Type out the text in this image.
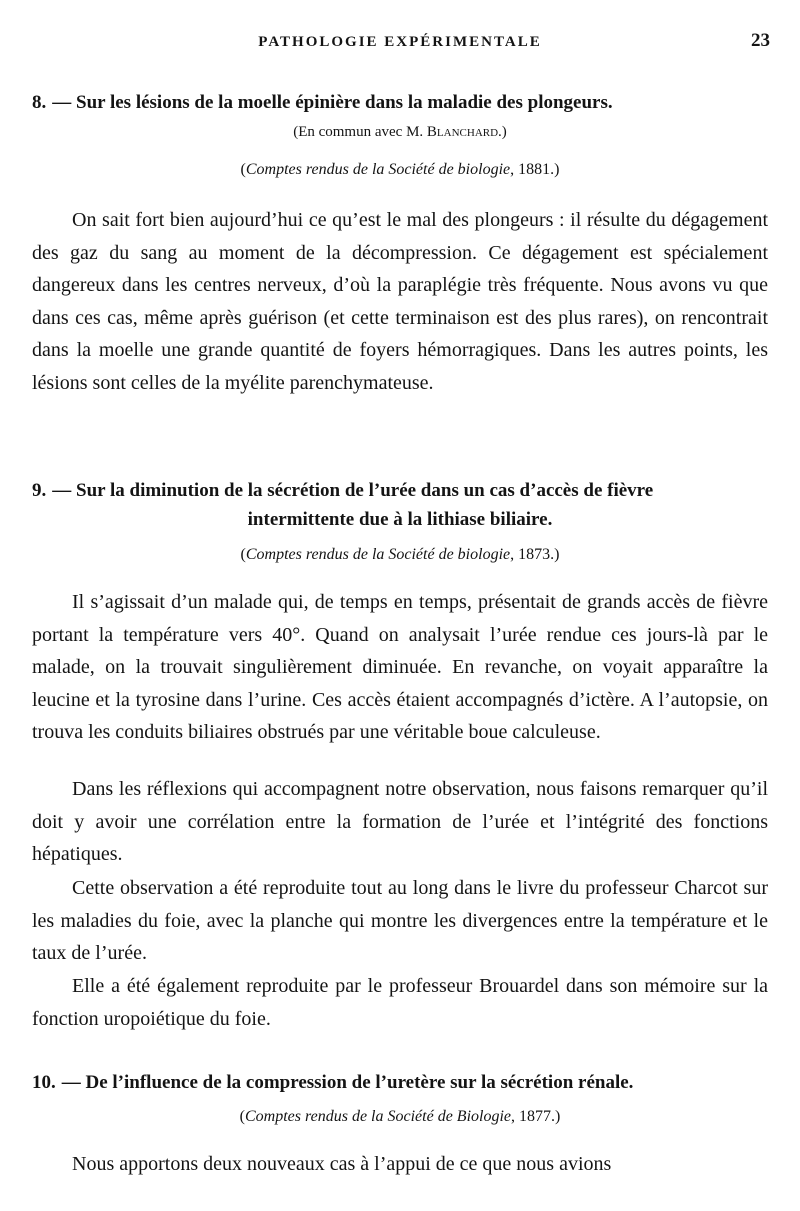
PATHOLOGIE EXPÉRIMENTALE	23
8. — Sur les lésions de la moelle épinière dans la maladie des plongeurs.
(En commun avec M. Blanchard.)
(Comptes rendus de la Société de biologie, 1881.)

On sait fort bien aujourd’hui ce qu’est le mal des plongeurs : il résulte du dégagement des gaz du sang au moment de la décompression. Ce dégagement est spécialement dangereux dans les centres nerveux, d’où la paraplégie très fréquente. Nous avons vu que dans ces cas, même après guérison (et cette terminaison est des plus rares), on rencontrait dans la moelle une grande quantité de foyers hémorragiques. Dans les autres points, les lésions sont celles de la myélite parenchymateuse.

9. — Sur la diminution de la sécrétion de l’urée dans un cas d’accès de fièvre
intermittente due à la lithiase biliaire.
(Comptes rendus de la Société de biologie, 1873.)

Il s’agissait d’un malade qui, de temps en temps, présentait de grands accès de fièvre portant la température vers 40°. Quand on analysait l’urée rendue ces jours-là par le malade, on la trouvait singulièrement diminuée. En revanche, on voyait apparaître la leucine et la tyrosine dans l’urine. Ces accès étaient accompagnés d’ictère. A l’autopsie, on trouva les conduits biliaires obstrués par une véritable boue calculeuse.

Dans les réflexions qui accompagnent notre observation, nous faisons remarquer qu’il doit y avoir une corrélation entre la formation de l’urée et l’intégrité des fonctions hépatiques.

Cette observation a été reproduite tout au long dans le livre du professeur Charcot sur les maladies du foie, avec la planche qui montre les divergences entre la température et le taux de l’urée.

Elle a été également reproduite par le professeur Brouardel dans son mémoire sur la fonction uropoiétique du foie.

10. — De l’influence de la compression de l’uretère sur la sécrétion rénale.
(Comptes rendus de la Société de Biologie, 1877.)

Nous apportons deux nouveaux cas à l’appui de ce que nous avions
